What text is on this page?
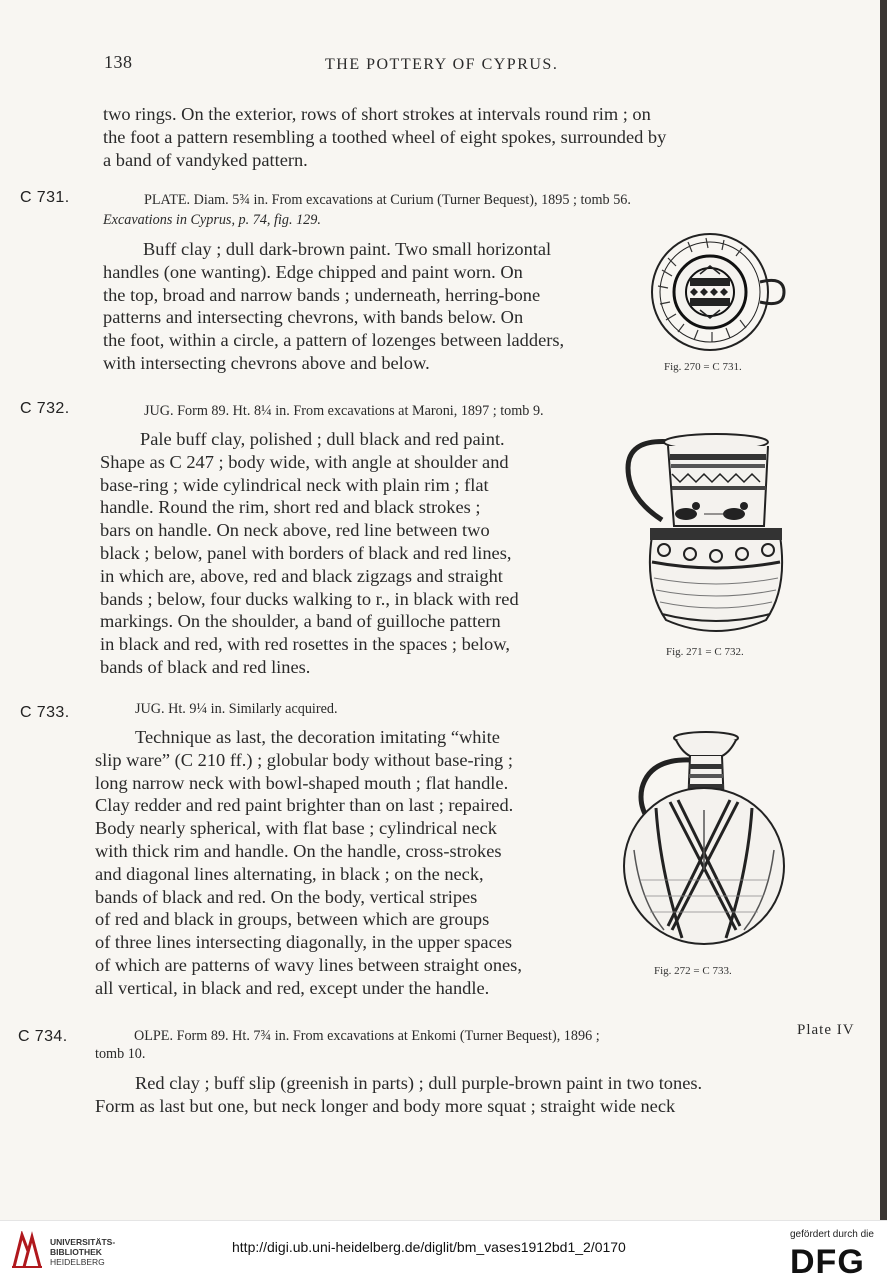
138	THE POTTERY OF CYPRUS.

two rings. On the exterior, rows of short strokes at intervals round rim ; on

the foot a pattern resembling a toothed wheel of eight spokes, surrounded by

a band of vandyked pattern.

C 731.	PLATE. Diam. 5¾ in. From excavations at Curium (Turner Bequest), 1895 ; tomb 56.
Excavations in Cyprus, p. 74, fig. 129.

Buff clay ; dull dark-brown paint. Two small horizontal

handles (one wanting). Edge chipped and paint worn. On

the top, broad and narrow bands ; underneath, herring-bone

patterns and intersecting chevrons, with bands below. On

the foot, within a circle, a pattern of lozenges between ladders,

with intersecting chevrons above and below.	Fig. 270 = C 731.
C 732.	JUG. Form 89. Ht. 8¼ in. From excavations at Maroni, 1897 ; tomb 9.

Pale buff clay, polished ; dull black and red paint.

Shape as C 247 ; body wide, with angle at shoulder and

base-ring ; wide cylindrical neck with plain rim ; flat

handle. Round the rim, short red and black strokes ;

bars on handle. On neck above, red line between two

black ; below, panel with borders of black and red lines,

in which are, above, red and black zigzags and straight

bands ; below, four ducks walking to r., in black with red

markings. On the shoulder, a band of guilloche pattern

in black and red, with red rosettes in the spaces ; below,

bands of black and red lines.

Fig. 271 = C 732.
C 733.	JUG. Ht. 9¼ in. Similarly acquired.

Technique as last, the decoration imitating “white

slip ware” (C 210 ff.) ; globular body without base-ring ;

long narrow neck with bowl-shaped mouth ; flat handle.

Clay redder and red paint brighter than on last ; repaired.

Body nearly spherical, with flat base ; cylindrical neck

with thick rim and handle. On the handle, cross-strokes

and diagonal lines alternating, in black ; on the neck,

bands of black and red. On the body, vertical stripes

of red and black in groups, between which are groups

of three lines intersecting diagonally, in the upper spaces

of which are patterns of wavy lines between straight ones,

all vertical, in black and red, except under the handle.

Fig. 272 = C 733.
C 734.	OLPE. Form 89. Ht. 7¾ in. From excavations at Enkomi (Turner Bequest), 1896 ;	Plate IV
tomb 10.

Red clay ; buff slip (greenish in parts) ; dull purple-brown paint in two tones.

Form as last but one, but neck longer and body more squat ; straight wide neck

UNIVERSITÄTS-
BIBLIOTHEK
HEIDELBERG
http://digi.ub.uni-heidelberg.de/diglit/bm_vases1912bd1_2/0170
gefördert durch die
DFG
